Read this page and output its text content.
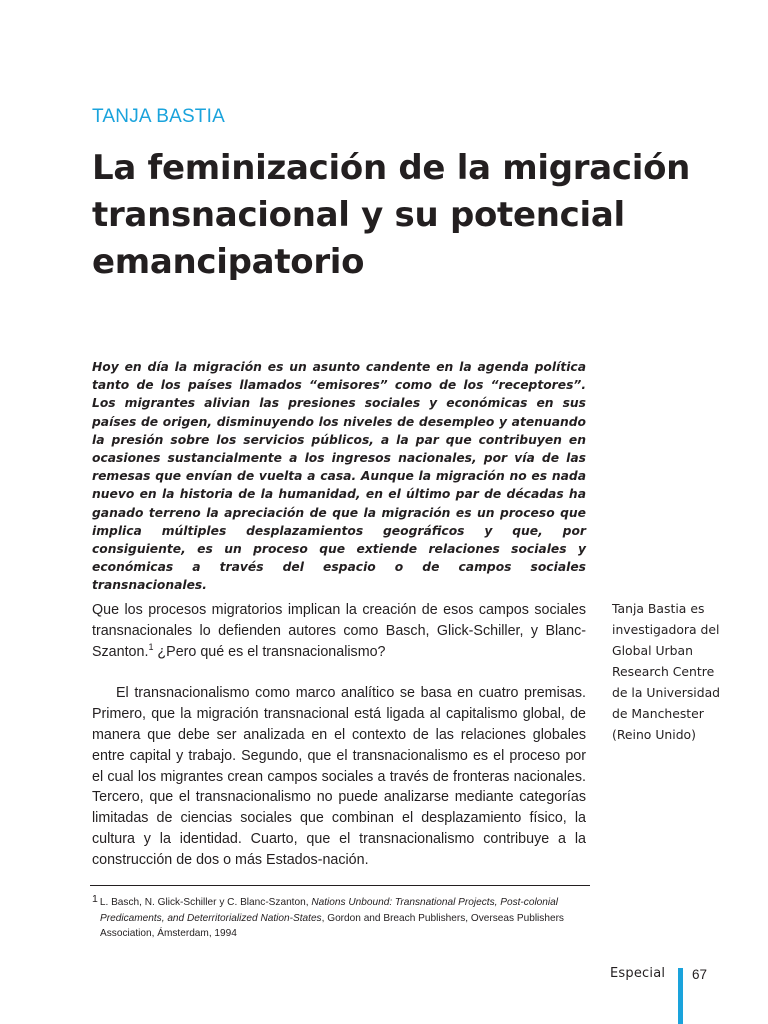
TANJA BASTIA
La feminización de la migración
transnacional y su potencial
emancipatorio
Hoy en día la migración es un asunto candente en la agenda política tanto de los países llamados “emisores” como de los “receptores”. Los migrantes alivian las presiones sociales y económicas en sus países de origen, disminuyendo los niveles de desempleo y atenuando la presión sobre los servicios públicos, a la par que contribuyen en ocasiones sustancialmente a los ingresos nacionales, por vía de las remesas que envían de vuelta a casa. Aunque la migración no es nada nuevo en la historia de la humanidad, en el último par de décadas ha ganado terreno la apreciación de que la migración es un proceso que implica múltiples desplazamientos geográficos y que, por consiguiente, es un proceso que extiende relaciones sociales y económicas a través del espacio o de campos sociales transnacionales.

Que los procesos migratorios implican la creación de esos campos sociales transnacionales lo defienden autores como Basch, Glick-Schiller, y Blanc-Szanton.$^1$ ¿Pero qué es el transnacionalismo?

El transnacionalismo como marco analítico se basa en cuatro premisas. Primero, que la migración transnacional está ligada al capitalismo global, de manera que debe ser analizada en el contexto de las relaciones globales entre capital y trabajo. Segundo, que el transnacionalismo es el proceso por el cual los migrantes crean campos sociales a través de fronteras nacionales. Tercero, que el transnacionalismo no puede analizarse mediante categorías limitadas de ciencias sociales que combinan el desplazamiento físico, la cultura y la identidad. Cuarto, que el transnacionalismo contribuye a la construcción de dos o más Estados-nación.

Tanja Bastia es
investigadora del
Global Urban
Research Centre
de la Universidad
de Manchester
(Reino Unido)
1 L. Basch, N. Glick-Schiller y C. Blanc-Szanton, Nations Unbound: Transnational Projects, Post-colonial Predicaments, and Deterritorialized Nation-States, Gordon and Breach Publishers, Overseas Publishers Association, Ámsterdam, 1994
Especial 67
